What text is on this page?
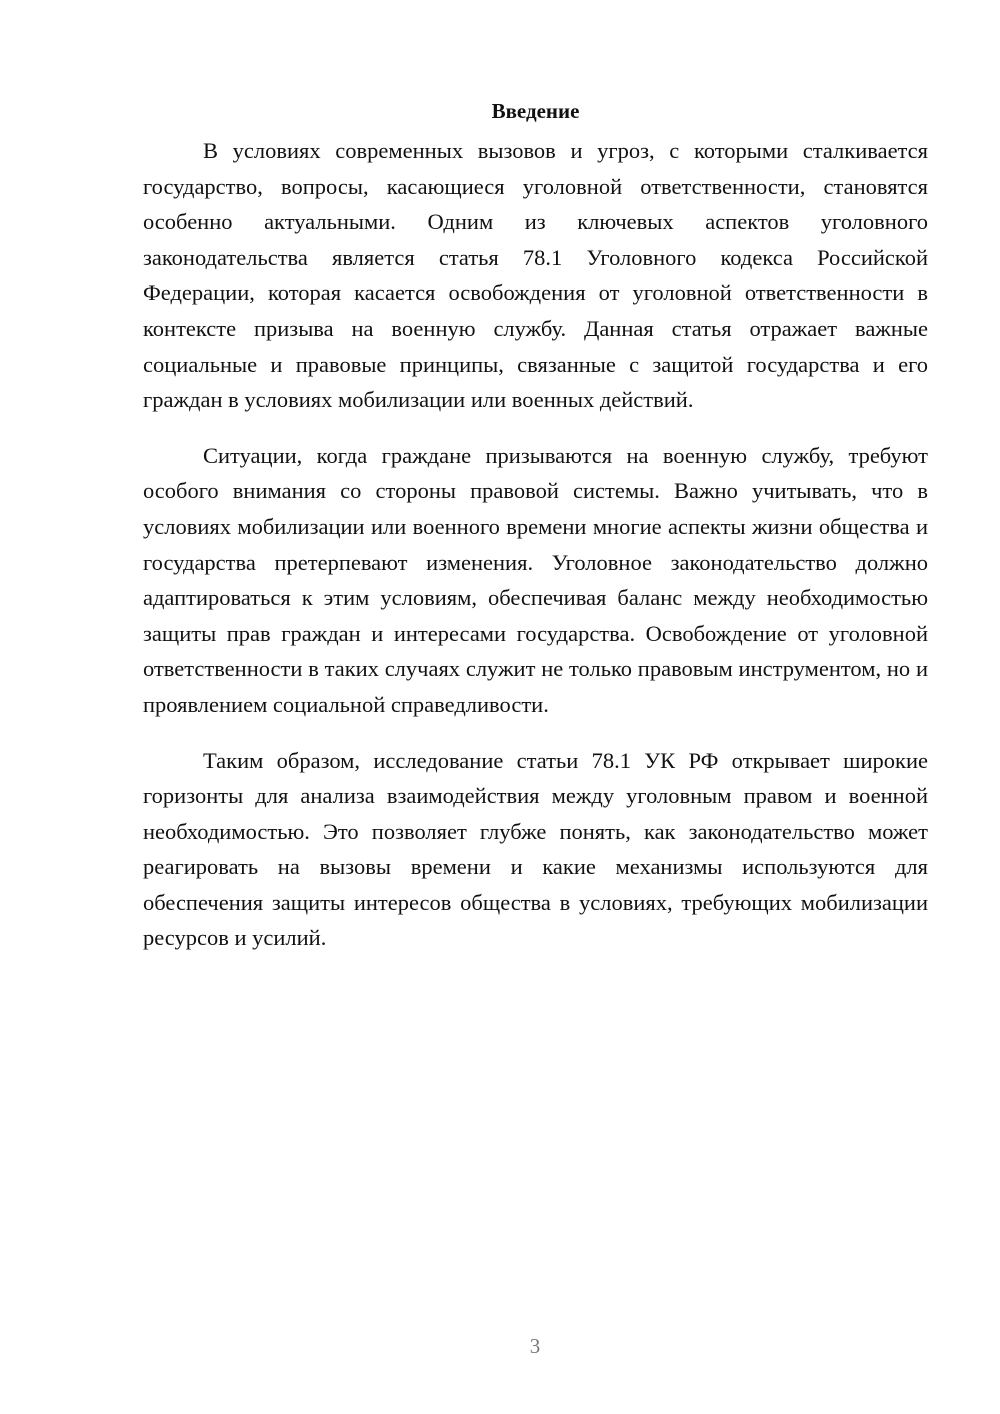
Введение

В условиях современных вызовов и угроз, с которыми сталкивается государство, вопросы, касающиеся уголовной ответственности, становятся особенно актуальными. Одним из ключевых аспектов уголовного законодательства является статья 78.1 Уголовного кодекса Российской Федерации, которая касается освобождения от уголовной ответственности в контексте призыва на военную службу. Данная статья отражает важные социальные и правовые принципы, связанные с защитой государства и его граждан в условиях мобилизации или военных действий.

Ситуации, когда граждане призываются на военную службу, требуют особого внимания со стороны правовой системы. Важно учитывать, что в условиях мобилизации или военного времени многие аспекты жизни общества и государства претерпевают изменения. Уголовное законодательство должно адаптироваться к этим условиям, обеспечивая баланс между необходимостью защиты прав граждан и интересами государства. Освобождение от уголовной ответственности в таких случаях служит не только правовым инструментом, но и проявлением социальной справедливости.

Таким образом, исследование статьи 78.1 УК РФ открывает широкие горизонты для анализа взаимодействия между уголовным правом и военной необходимостью. Это позволяет глубже понять, как законодательство может реагировать на вызовы времени и какие механизмы используются для обеспечения защиты интересов общества в условиях, требующих мобилизации ресурсов и усилий.

3
